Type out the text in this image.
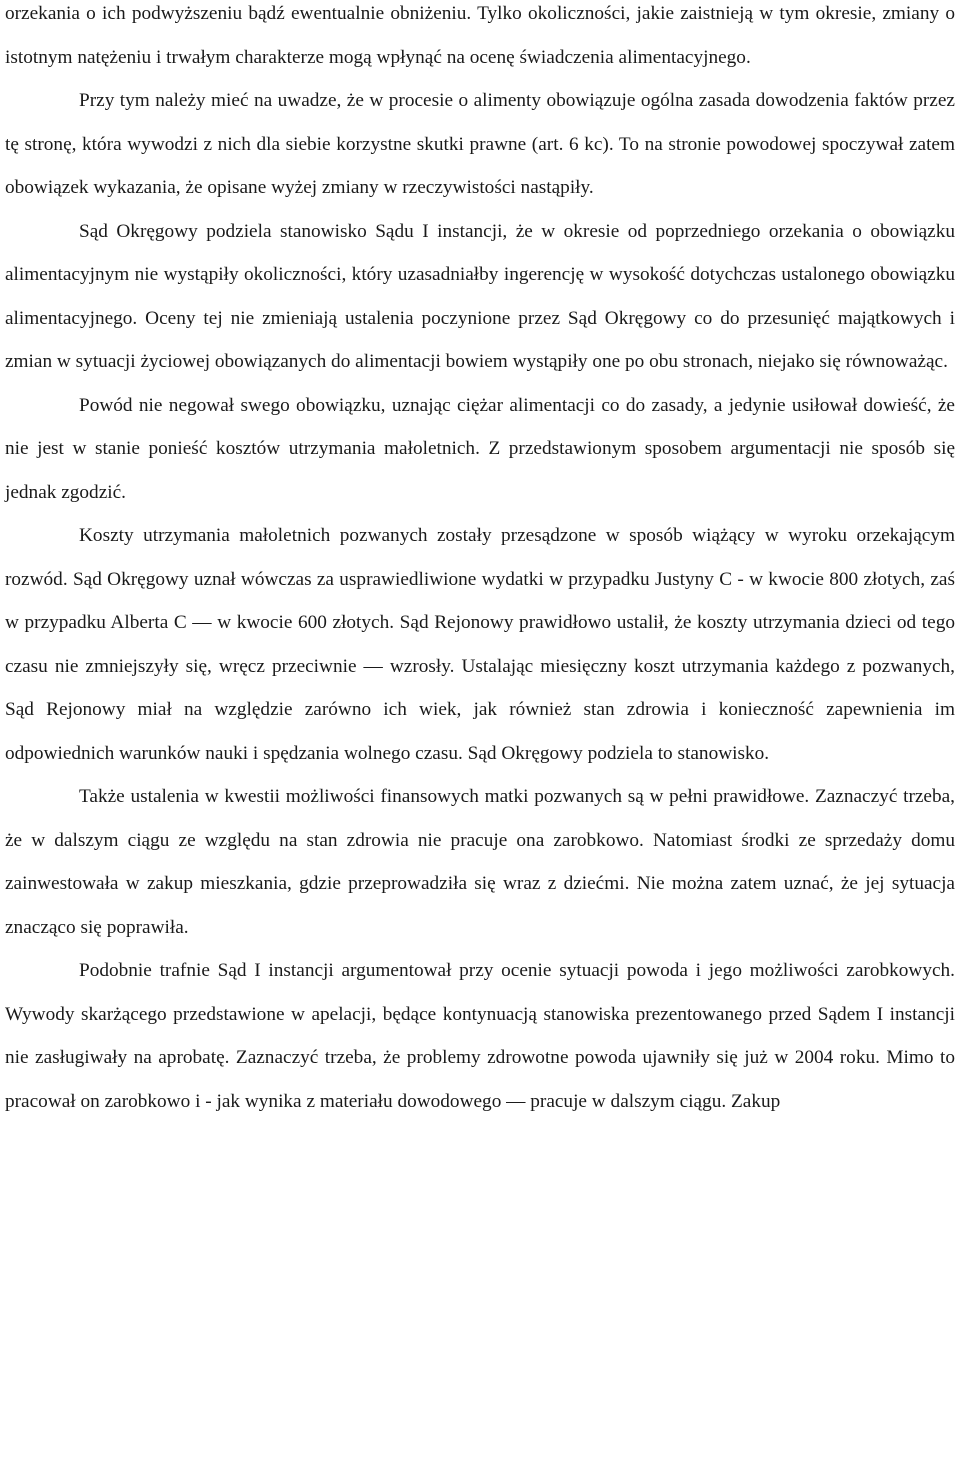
orzekania o ich podwyższeniu bądź ewentualnie obniżeniu. Tylko okoliczności, jakie zaistnieją w tym okresie, zmiany o istotnym natężeniu i trwałym charakterze mogą wpłynąć na ocenę świadczenia alimentacyjnego.

Przy tym należy mieć na uwadze, że w procesie o alimenty obowiązuje ogólna zasada dowodzenia faktów przez tę stronę, która wywodzi z nich dla siebie korzystne skutki prawne (art. 6 kc). To na stronie powodowej spoczywał zatem obowiązek wykazania, że opisane wyżej zmiany w rzeczywistości nastąpiły.

Sąd Okręgowy podziela stanowisko Sądu I instancji, że w okresie od poprzedniego orzekania o obowiązku alimentacyjnym nie wystąpiły okoliczności, który uzasadniałby ingerencję w wysokość dotychczas ustalonego obowiązku alimentacyjnego. Oceny tej nie zmieniają ustalenia poczynione przez Sąd Okręgowy co do przesunięć majątkowych i zmian w sytuacji życiowej obowiązanych do alimentacji bowiem wystąpiły one po obu stronach, niejako się równoważąc.

Powód nie negował swego obowiązku, uznając ciężar alimentacji co do zasady, a jedynie usiłował dowieść, że nie jest w stanie ponieść kosztów utrzymania małoletnich. Z przedstawionym sposobem argumentacji nie sposób się jednak zgodzić.

Koszty utrzymania małoletnich pozwanych zostały przesądzone w sposób wiążący w wyroku orzekającym rozwód. Sąd Okręgowy uznał wówczas za usprawiedliwione wydatki w przypadku Justyny C - w kwocie 800 złotych, zaś w przypadku Alberta C — w kwocie 600 złotych. Sąd Rejonowy prawidłowo ustalił, że koszty utrzymania dzieci od tego czasu nie zmniejszyły się, wręcz przeciwnie — wzrosły. Ustalając miesięczny koszt utrzymania każdego z pozwanych, Sąd Rejonowy miał na względzie zarówno ich wiek, jak również stan zdrowia i konieczność zapewnienia im odpowiednich warunków nauki i spędzania wolnego czasu. Sąd Okręgowy podziela to stanowisko.

Także ustalenia w kwestii możliwości finansowych matki pozwanych są w pełni prawidłowe. Zaznaczyć trzeba, że w dalszym ciągu ze względu na stan zdrowia nie pracuje ona zarobkowo. Natomiast środki ze sprzedaży domu zainwestowała w zakup mieszkania, gdzie przeprowadziła się wraz z dziećmi. Nie można zatem uznać, że jej sytuacja znacząco się poprawiła.

Podobnie trafnie Sąd I instancji argumentował przy ocenie sytuacji powoda i jego możliwości zarobkowych. Wywody skarżącego przedstawione w apelacji, będące kontynuacją stanowiska prezentowanego przed Sądem I instancji nie zasługiwały na aprobatę. Zaznaczyć trzeba, że problemy zdrowotne powoda ujawniły się już w 2004 roku. Mimo to pracował on zarobkowo i - jak wynika z materiału dowodowego — pracuje w dalszym ciągu. Zakup
